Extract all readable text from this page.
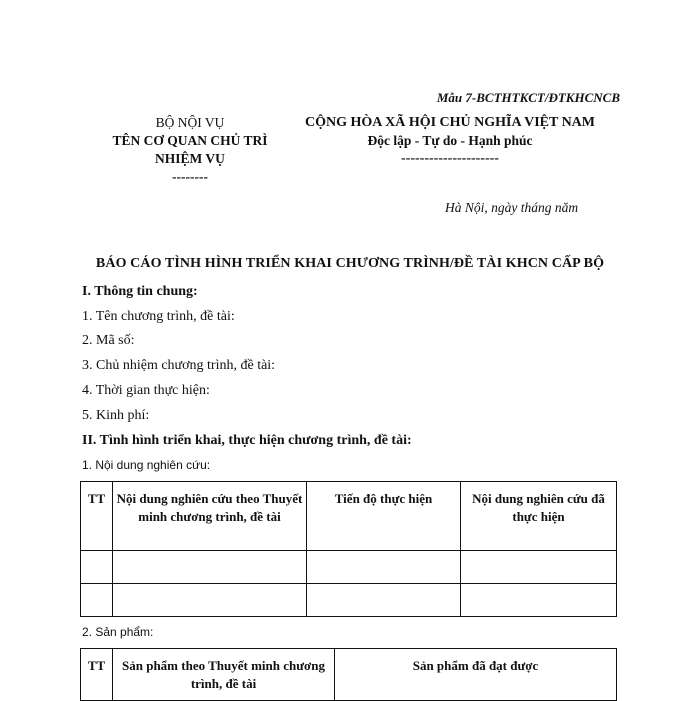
Mẫu 7-BCTHTKCT/ĐTKHCNCB
BỘ NỘI VỤ
TÊN CƠ QUAN CHỦ TRÌ
NHIỆM VỤ
--------
CỘNG HÒA XÃ HỘI CHỦ NGHĨA VIỆT NAM
Độc lập - Tự do - Hạnh phúc
---------------------
Hà Nội, ngày tháng năm
BÁO CÁO TÌNH HÌNH TRIỂN KHAI CHƯƠNG TRÌNH/ĐỀ TÀI KHCN CẤP BỘ
I. Thông tin chung:
1. Tên chương trình, đề tài:
2. Mã số:
3. Chủ nhiệm chương trình, đề tài:
4. Thời gian thực hiện:
5. Kinh phí:
II. Tình hình triển khai, thực hiện chương trình, đề tài:
1. Nội dung nghiên cứu:
TT	Nội dung nghiên cứu theo Thuyết minh chương trình, đề tài	Tiến độ thực hiện	Nội dung nghiên cứu đã thực hiện

2. Sản phẩm:
TT	Sản phẩm theo Thuyết minh chương trình, đề tài	Sản phẩm đã đạt được
